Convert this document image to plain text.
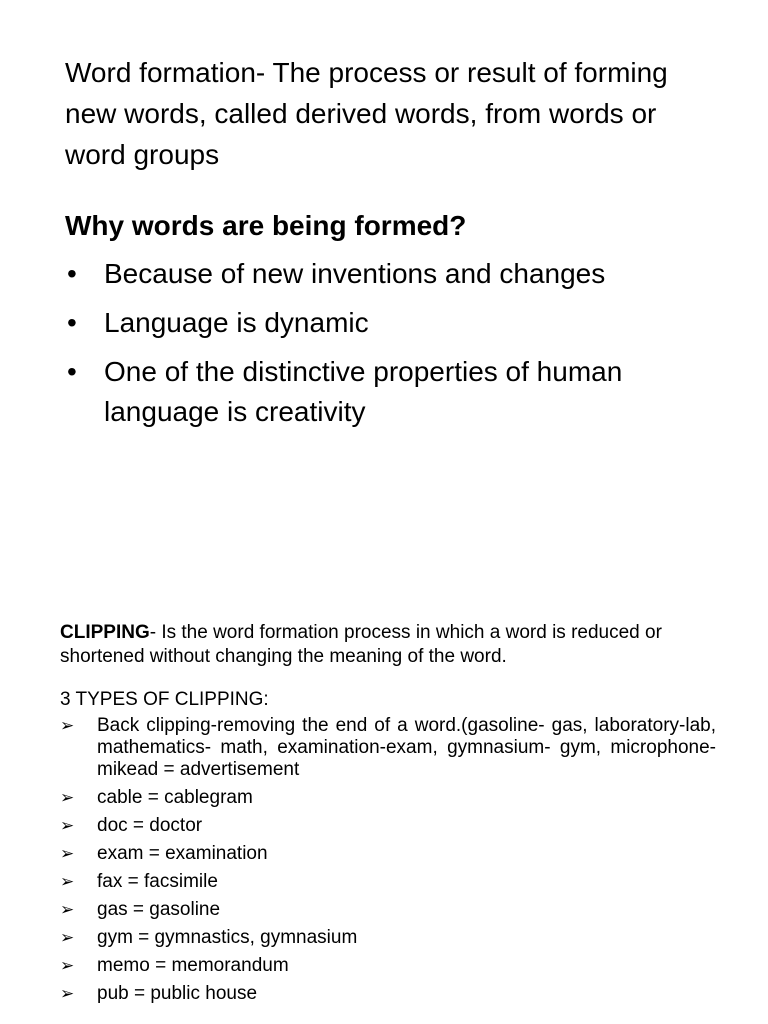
Word formation- The process or result of forming new words, called derived words, from words or word groups

Why words are being formed?

• Because of new inventions and changes
• Language is dynamic
• One of the distinctive properties of human language is creativity

CLIPPING- Is the word formation process in which a word is reduced or shortened without changing the meaning of the word.

3 TYPES OF CLIPPING:

➢ Back clipping-removing the end of a word.(gasoline- gas, laboratory-lab, mathematics- math, examination-exam, gymnasium- gym, microphone-mikead = advertisement
➢ cable = cablegram
➢ doc = doctor
➢ exam = examination
➢ fax = facsimile
➢ gas = gasoline
➢ gym = gymnastics, gymnasium
➢ memo = memorandum
➢ pub = public house
